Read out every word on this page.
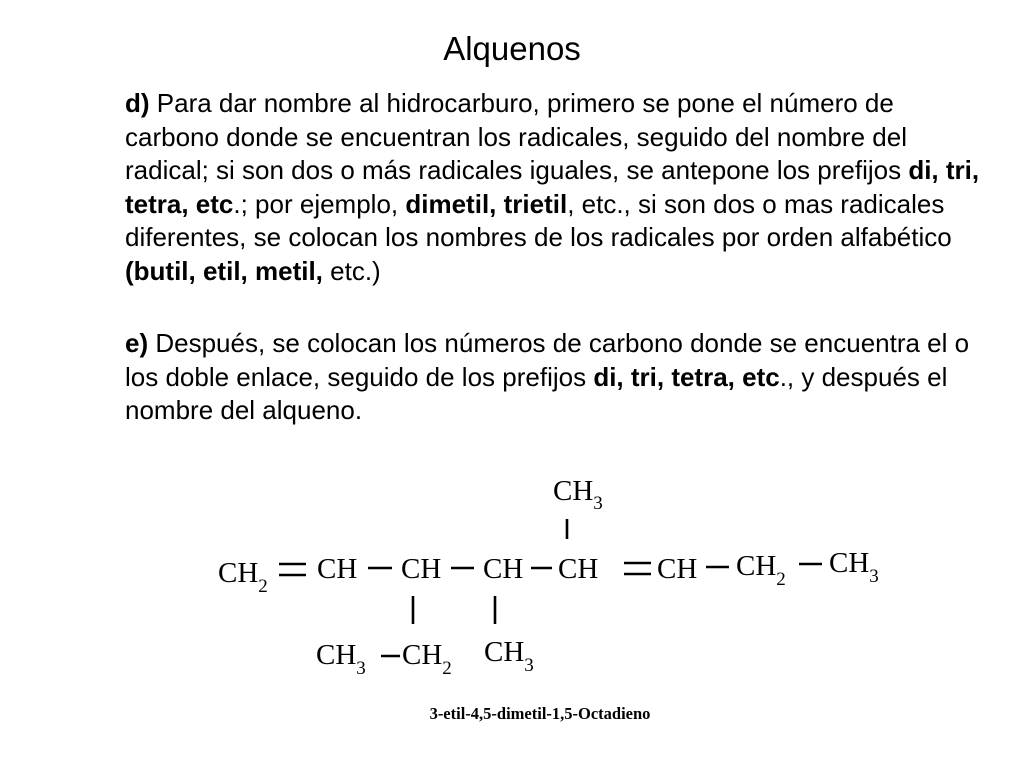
Alquenos

d) Para dar nombre al hidrocarburo, primero se pone el número de carbono donde se encuentran los radicales, seguido del nombre del radical; si son dos o más radicales iguales, se antepone los prefijos di, tri, tetra, etc.; por ejemplo, dimetil, trietil, etc., si son dos o mas radicales diferentes, se colocan los nombres de los radicales por orden alfabético (butil, etil, metil, etc.)

e) Después, se colocan los números de carbono donde se encuentra el o los doble enlace, seguido de los prefijos di, tri, tetra, etc., y después el nombre del alqueno.

$CH_3$
$CH_2$
CH CH CH CH CH $CH_2$
$CH_3$
$CH_3$ $CH_2$
$CH_3$
3-etil-4,5-dimetil-1,5-Octadieno
